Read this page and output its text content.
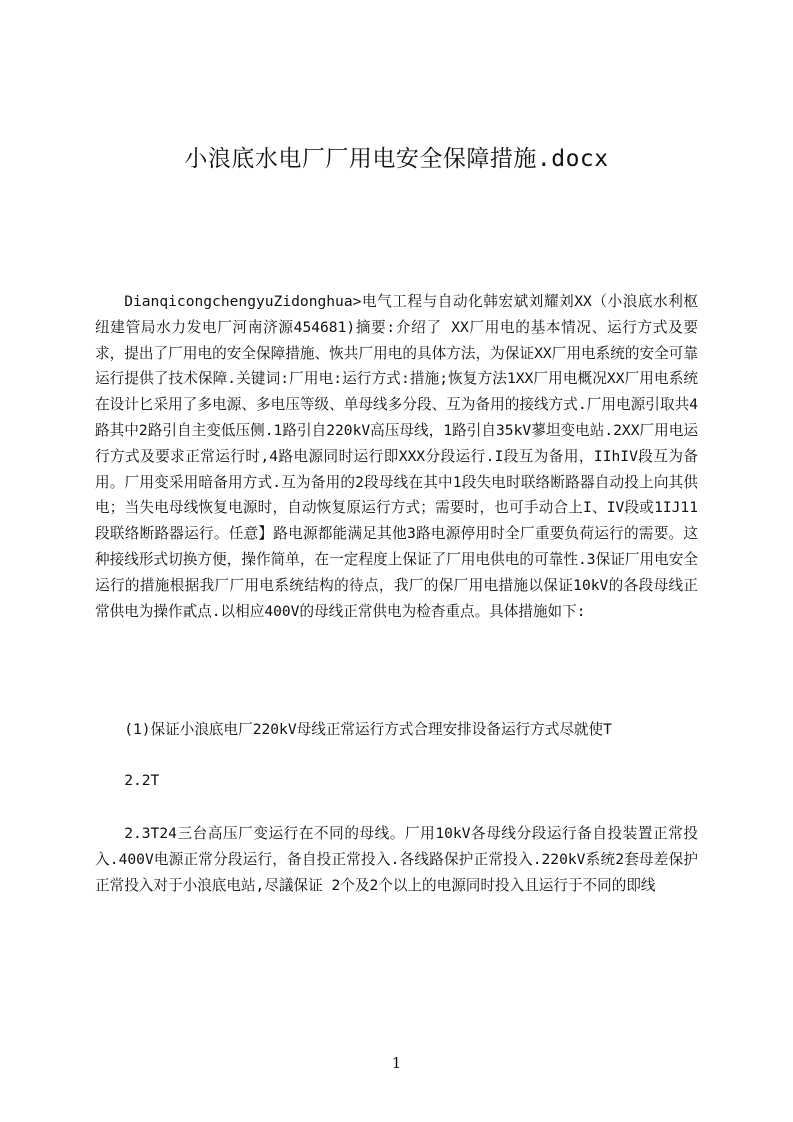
小浪底水电厂厂用电安全保障措施.docx

DianqicongchengyuZidonghua>电气工程与自动化韩宏斌刘耀刘XX（小浪底水利枢纽建管局水力发电厂河南济源454681)摘要:介绍了 XX厂用电的基本情况、运行方式及要求，提出了厂用电的安全保障措施、恢共厂用电的具体方法，为保证XX厂用电系统的安全可靠运行提供了技术保障.关键词:厂用电:运行方式:措施;恢复方法1XX厂用电概况XX厂用电系统在设计匕采用了多电源、多电压等级、单母线多分段、互为备用的接线方式.厂用电源引取共4路其中2路引自主变低压侧.1路引自220kV高压母线，1路引自35kV蓼坦变电站.2XX厂用电运行方式及要求正常运行时,4路电源同时运行即XXX分段运行.I段互为备用，IIhIV段互为备用。厂用变采用暗备用方式.互为备用的2段母线在其中1段失电时联络断路器自动投上向其供电；当失电母线恢复电源时，自动恢复原运行方式；需要时，也可手动合上I、IV段或1IJ11段联络断路器运行。任意】路电源都能满足其他3路电源停用时全厂重要负荷运行的需要。这种接线形式切换方便，操作简单，在一定程度上保证了厂用电供电的可靠性.3保证厂用电安全运行的措施根据我厂厂用电系统结构的待点，我厂的保厂用电措施以保证10kV的各段母线正常供电为操作貳点.以相应400V的母线正常供电为检杳重点。具体措施如下:

(1)保证小浪底电厂220kV母线正常运行方式合理安排设备运行方式尽就使T

2.2T

2.3T24三台高压厂变运行在不同的母线。厂用10kV各母线分段运行备自投装置正常投入.400V电源正常分段运行，备自投正常投入.各线路保护正常投入.220kV系统2套母差保护正常投入对于小浪底电站,尽議保证 2个及2个以上的电源同时投入且运行于不同的即线

1
